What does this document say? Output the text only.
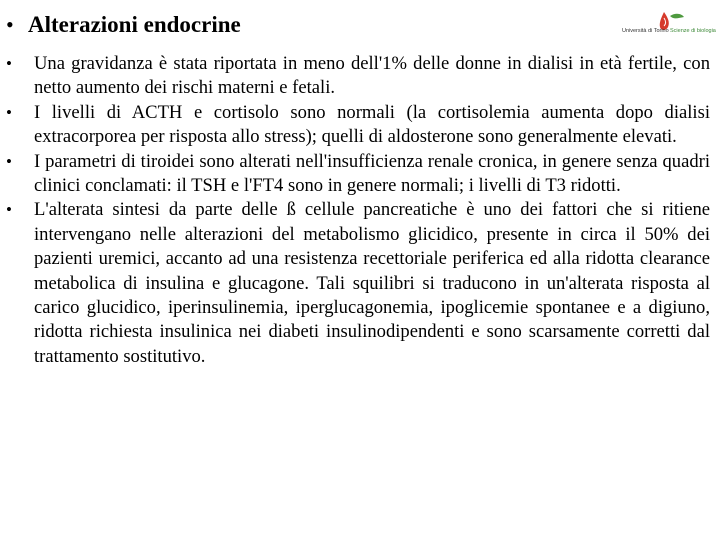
• Alterazioni endocrine	Università di Torino Scienze di biologia
•	Una gravidanza è stata riportata in meno dell'1% delle donne in dialisi in età fertile, con netto aumento dei rischi materni e fetali.
•	I livelli di ACTH e cortisolo sono normali (la cortisolemia aumenta dopo dialisi extracorporea per risposta allo stress); quelli di aldosterone sono generalmente elevati.
•	I parametri di tiroidei sono alterati nell'insufficienza renale cronica, in genere senza quadri clinici conclamati: il TSH e l'FT4 sono in genere normali; i livelli di T3 ridotti.
•	L'alterata sintesi da parte delle ß cellule pancreatiche è uno dei fattori che si ritiene intervengano nelle alterazioni del metabolismo glicidico, presente in circa il 50% dei pazienti uremici, accanto ad una resistenza recettoriale periferica ed alla ridotta clearance metabolica di insulina e glucagone. Tali squilibri si traducono in un'alterata risposta al carico glucidico, iperinsulinemia, iperglucagonemia, ipoglicemie spontanee e a digiuno, ridotta richiesta insulinica nei diabeti insulinodipendenti e sono scarsamente corretti dal trattamento sostitutivo.
